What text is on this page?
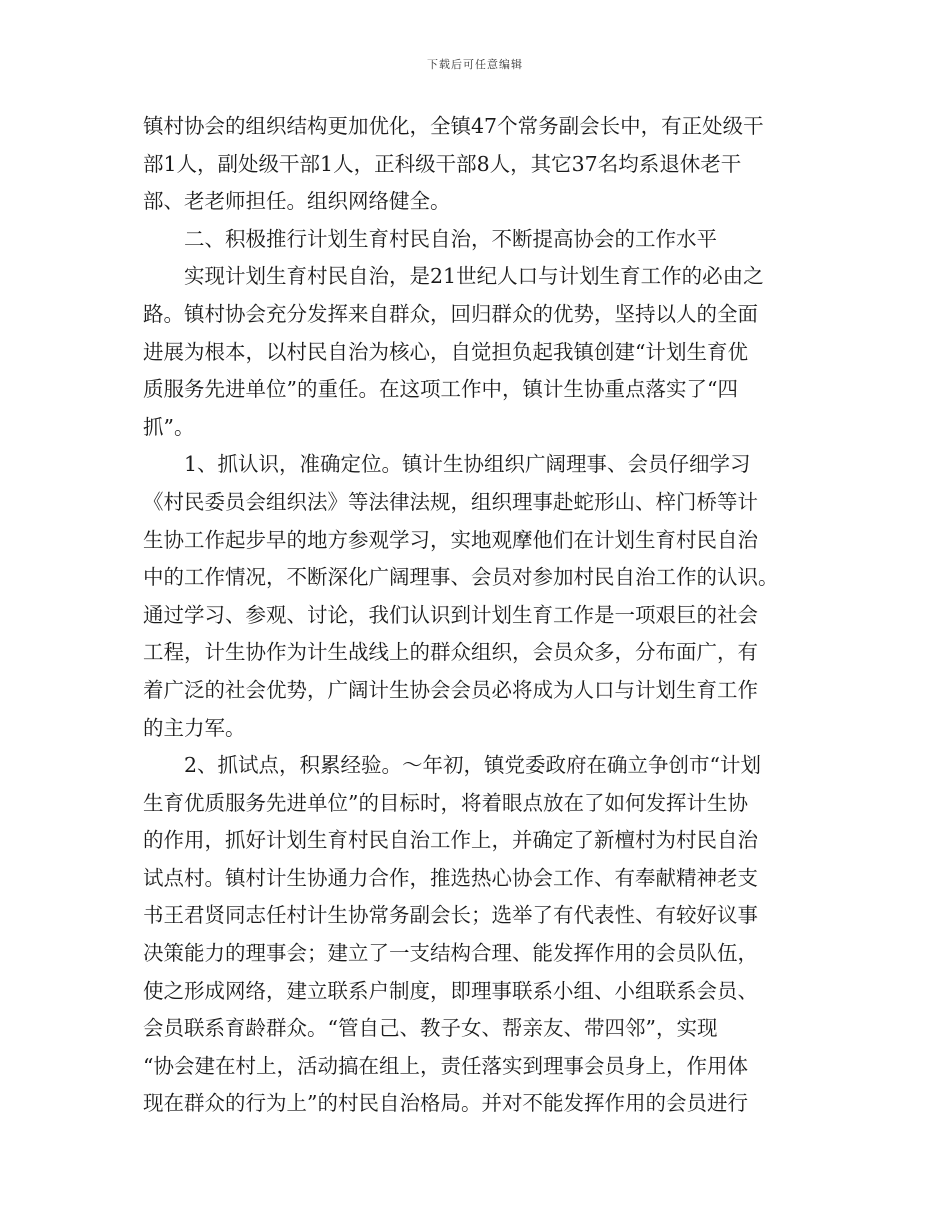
下载后可任意编辑
镇村协会的组织结构更加优化，全镇47个常务副会长中，有正处级干
部1人，副处级干部1人，正科级干部8人，其它37名均系退休老干
部、老老师担任。组织网络健全。
二、积极推行计划生育村民自治，不断提高协会的工作水平
实现计划生育村民自治，是21世纪人口与计划生育工作的必由之
路。镇村协会充分发挥来自群众，回归群众的优势，坚持以人的全面
进展为根本，以村民自治为核心，自觉担负起我镇创建“计划生育优
质服务先进单位”的重任。在这项工作中，镇计生协重点落实了“四
抓”。
1、抓认识，准确定位。镇计生协组织广阔理事、会员仔细学习
《村民委员会组织法》等法律法规，组织理事赴蛇形山、梓门桥等计
生协工作起步早的地方参观学习，实地观摩他们在计划生育村民自治
中的工作情况，不断深化广阔理事、会员对参加村民自治工作的认识。
通过学习、参观、讨论，我们认识到计划生育工作是一项艰巨的社会
工程，计生协作为计生战线上的群众组织，会员众多，分布面广，有
着广泛的社会优势，广阔计生协会会员必将成为人口与计划生育工作
的主力军。
2、抓试点，积累经验。～年初，镇党委政府在确立争创市“计划
生育优质服务先进单位”的目标时，将着眼点放在了如何发挥计生协
的作用，抓好计划生育村民自治工作上，并确定了新檀村为村民自治
试点村。镇村计生协通力合作，推选热心协会工作、有奉献精神老支
书王君贤同志任村计生协常务副会长；选举了有代表性、有较好议事
决策能力的理事会；建立了一支结构合理、能发挥作用的会员队伍，
使之形成网络，建立联系户制度，即理事联系小组、小组联系会员、
会员联系育龄群众。“管自己、教子女、帮亲友、带四邻”，实现
“协会建在村上，活动搞在组上，责任落实到理事会员身上，作用体
现在群众的行为上”的村民自治格局。并对不能发挥作用的会员进行
